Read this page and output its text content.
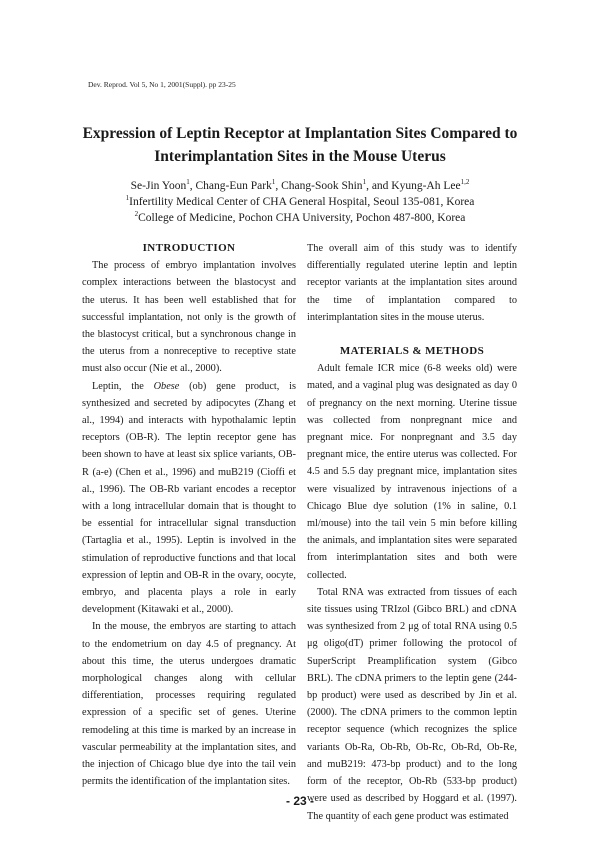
Dev. Reprod. Vol 5, No 1, 2001(Suppl). pp 23-25
Expression of Leptin Receptor at Implantation Sites Compared to
Interimplantation Sites in the Mouse Uterus
Se-Jin Yoon$^1$, Chang-Eun Park$^1$, Chang-Sook Shin$^1$, and Kyung-Ah Lee$^{1,2}$
$^1$Infertility Medical Center of CHA General Hospital, Seoul 135-081, Korea
$^2$College of Medicine, Pochon CHA University, Pochon 487-800, Korea
INTRODUCTION

The process of embryo implantation involves complex interactions between the blastocyst and the uterus. It has been well established that for successful implantation, not only is the growth of the blastocyst critical, but a synchronous change in the uterus from a nonreceptive to receptive state must also occur (Nie et al., 2000).

Leptin, the Obese (ob) gene product, is synthesized and secreted by adipocytes (Zhang et al., 1994) and interacts with hypothalamic leptin receptors (OB-R). The leptin receptor gene has been shown to have at least six splice variants, OB-R (a-e) (Chen et al., 1996) and muB219 (Cioffi et al., 1996). The OB-Rb variant encodes a receptor with a long intracellular domain that is thought to be essential for intracellular signal transduction (Tartaglia et al., 1995). Leptin is involved in the stimulation of reproductive functions and that local expression of leptin and OB-R in the ovary, oocyte, embryo, and placenta plays a role in early development (Kitawaki et al., 2000).

In the mouse, the embryos are starting to attach to the endometrium on day 4.5 of pregnancy. At about this time, the uterus undergoes dramatic morphological changes along with cellular differentiation, processes requiring regulated expression of a specific set of genes. Uterine remodeling at this time is marked by an increase in vascular permeability at the implantation sites, and the injection of Chicago blue dye into the tail vein permits the identification of the implantation sites.

The overall aim of this study was to identify differentially regulated uterine leptin and leptin receptor variants at the implantation sites around the time of implantation compared to interimplantation sites in the mouse uterus.

MATERIALS & METHODS

Adult female ICR mice (6-8 weeks old) were mated, and a vaginal plug was designated as day 0 of pregnancy on the next morning. Uterine tissue was collected from nonpregnant mice and pregnant mice. For nonpregnant and 3.5 day pregnant mice, the entire uterus was collected. For 4.5 and 5.5 day pregnant mice, implantation sites were visualized by intravenous injections of a Chicago Blue dye solution (1% in saline, 0.1 ml/mouse) into the tail vein 5 min before killing the animals, and implantation sites were separated from interimplantation sites and both were collected.

Total RNA was extracted from tissues of each site tissues using TRIzol (Gibco BRL) and cDNA was synthesized from 2 μg of total RNA using 0.5 μg oligo(dT) primer following the protocol of SuperScript Preamplification system (Gibco BRL). The cDNA primers to the leptin gene (244-bp product) were used as described by Jin et al. (2000). The cDNA primers to the common leptin receptor sequence (which recognizes the splice variants Ob-Ra, Ob-Rb, Ob-Rc, Ob-Rd, Ob-Re, and muB219: 473-bp product) and to the long form of the receptor, Ob-Rb (533-bp product) were used as described by Hoggard et al. (1997). The quantity of each gene product was estimated

- 23 -
